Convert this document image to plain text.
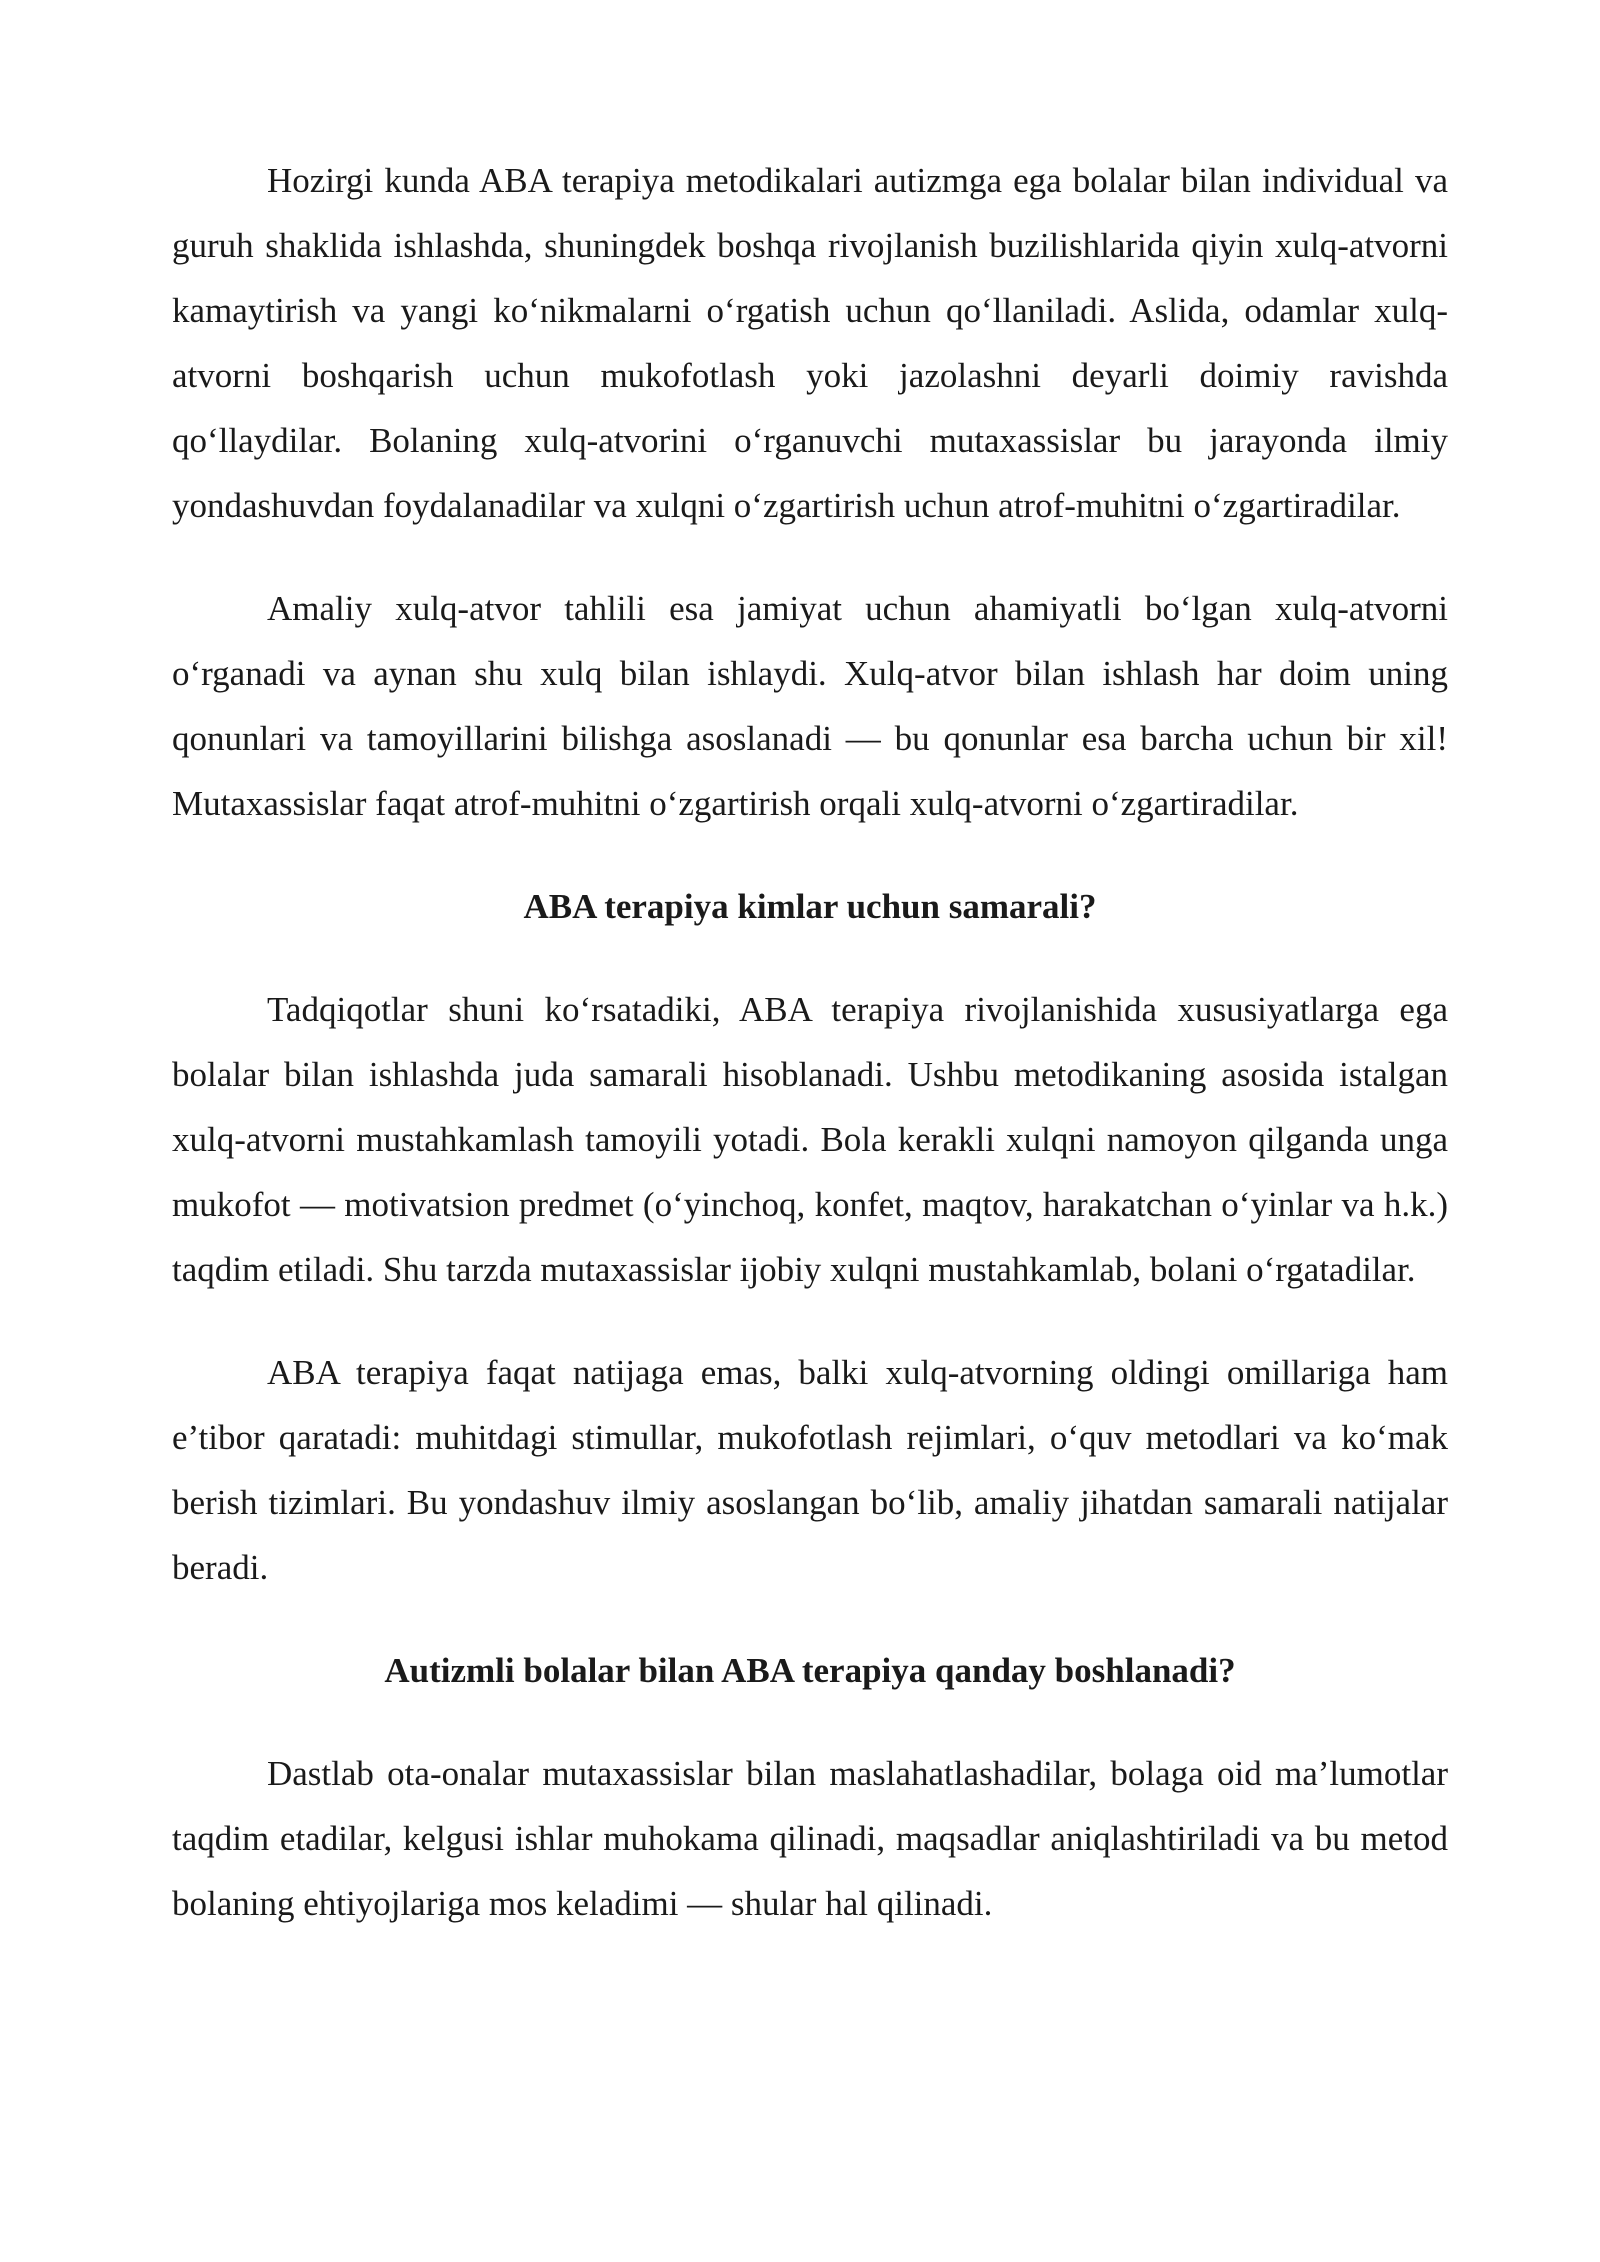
Hozirgi kunda ABA terapiya metodikalari autizmga ega bolalar bilan individual va guruh shaklida ishlashda, shuningdek boshqa rivojlanish buzilishlarida qiyin xulq-atvorni kamaytirish va yangi ko‘nikmalarni o‘rgatish uchun qo‘llaniladi. Aslida, odamlar xulq-atvorni boshqarish uchun mukofotlash yoki jazolashni deyarli doimiy ravishda qo‘llaydilar. Bolaning xulq-atvorini o‘rganuvchi mutaxassislar bu jarayonda ilmiy yondashuvdan foydalanadilar va xulqni o‘zgartirish uchun atrof-muhitni o‘zgartiradilar.

Amaliy xulq-atvor tahlili esa jamiyat uchun ahamiyatli bo‘lgan xulq-atvorni o‘rganadi va aynan shu xulq bilan ishlaydi. Xulq-atvor bilan ishlash har doim uning qonunlari va tamoyillarini bilishga asoslanadi — bu qonunlar esa barcha uchun bir xil! Mutaxassislar faqat atrof-muhitni o‘zgartirish orqali xulq-atvorni o‘zgartiradilar.

ABA terapiya kimlar uchun samarali?

Tadqiqotlar shuni ko‘rsatadiki, ABA terapiya rivojlanishida xususiyatlarga ega bolalar bilan ishlashda juda samarali hisoblanadi. Ushbu metodikaning asosida istalgan xulq-atvorni mustahkamlash tamoyili yotadi. Bola kerakli xulqni namoyon qilganda unga mukofot — motivatsion predmet (o‘yinchoq, konfet, maqtov, harakatchan o‘yinlar va h.k.) taqdim etiladi. Shu tarzda mutaxassislar ijobiy xulqni mustahkamlab, bolani o‘rgatadilar.

ABA terapiya faqat natijaga emas, balki xulq-atvorning oldingi omillariga ham e’tibor qaratadi: muhitdagi stimullar, mukofotlash rejimlari, o‘quv metodlari va ko‘mak berish tizimlari. Bu yondashuv ilmiy asoslangan bo‘lib, amaliy jihatdan samarali natijalar beradi.

Autizmli bolalar bilan ABA terapiya qanday boshlanadi?

Dastlab ota-onalar mutaxassislar bilan maslahatlashadilar, bolaga oid ma’lumotlar taqdim etadilar, kelgusi ishlar muhokama qilinadi, maqsadlar aniqlashtiriladi va bu metod bolaning ehtiyojlariga mos keladimi — shular hal qilinadi.
